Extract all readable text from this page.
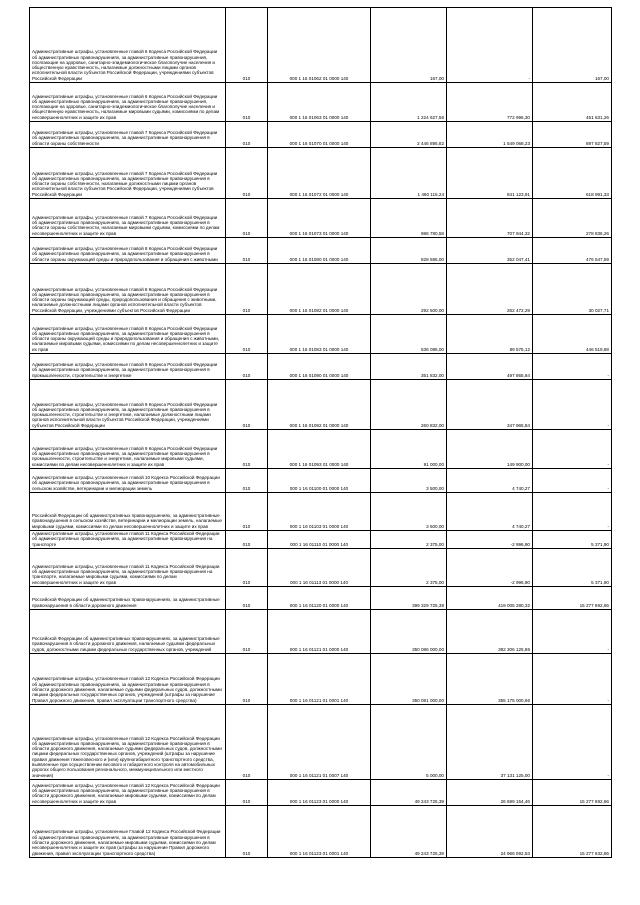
Административные штрафы, установленные главой 6 Кодекса Российской Федерации об административных правонарушениях, за административные правонарушения, посягающие на здоровье, санитарно-эпидемиологическое благополучие населения и общественную нравственность, налагаемые должностными лицами органов исполнительной власти субъектов Российской Федерации, учреждениями субъектов Российской Федерации	010	000 1 16 01062 01 0000 140	167,00	-	167,00
Административные штрафы, установленные главой 6 Кодекса Российской Федерации об административных правонарушениях, за административные правонарушения, посягающие на здоровье, санитарно-эпидемиологическое благополучие населения и общественную нравственность, налагаемые мировыми судьями, комиссиями по делам несовершеннолетних и защите их прав	010	000 1 16 01063 01 0000 140	1 224 627,56	772 996,30	451 631,26
Административные штрафы, установленные главой 7 Кодекса Российской Федерации об административных правонарушениях, за административные правонарушения в области охраны собственности	010	000 1 16 01070 01 0000 140	2 446 895,82	1 549 068,23	897 827,59
Административные штрафы, установленные главой 7 Кодекса Российской Федерации об административных правонарушениях, за административные правонарушения в области охраны собственности, налагаемые должностными лицами органов исполнительной власти субъектов Российской Федерации, учреждениями субъектов Российской Федерации	010	000 1 16 01072 01 0000 140	1 460 115,24	841 123,91	618 991,33
Административные штрафы, установленные главой 7 Кодекса Российской Федерации об административных правонарушениях, за административные правонарушения в области охраны собственности, налагаемые мировыми судьями, комиссиями по делам несовершеннолетних и защите их прав	010	000 1 16 01073 01 0000 140	986 780,58	707 944,32	278 836,26
Административные штрафы, установленные главой 8 Кодекса Российской Федерации об административных правонарушениях, за административные правонарушения в области охраны окружающей среды и природопользования и обращения с животными	010	000 1 16 01080 01 0000 140	828 595,00	352 047,41	476 547,59
Административные штрафы, установленные главой 8 Кодекса Российской Федерации об административных правонарушениях, за административные правонарушения в области охраны окружающей среды, природопользования и обращения с животными, налагаемые должностными лицами органов исполнительной власти субъектов Российской Федерации, учреждениями субъектов Российской Федерации	010	000 1 16 01082 01 0000 140	292 500,00	262 472,29	30 027,71
Административные штрафы, установленные главой 8 Кодекса Российской Федерации об административных правонарушениях, за административные правонарушения в области охраны окружающей среды и природопользования и обращения с животными, налагаемые мировыми судьями, комиссиями по делам несовершеннолетних и защите их прав	010	000 1 16 01083 01 0000 140	536 095,00	89 575,12	446 519,88
Административные штрафы, установленные главой 9 Кодекса Российской Федерации об административных правонарушениях, за административные правонарушения в промышленности, строительстве и энергетике	010	000 1 16 01090 01 0000 140	351 832,00	497 865,84	-
Административные штрафы, установленные главой 9 Кодекса Российской Федерации об административных правонарушениях, за административные правонарушения в промышленности, строительстве и энергетике, налагаемые должностными лицами органов исполнительной власти субъектов Российской Федерации, учреждениями субъектов Российской Федерации	010	000 1 16 01092 01 0000 140	260 832,00	347 965,84	-
Административные штрафы, установленные главой 9 Кодекса Российской Федерации об административных правонарушениях, за административные правонарушения в промышленности, строительстве и энергетике, налагаемые мировыми судьями, комиссиями по делам несовершеннолетних и защите их прав	010	000 1 16 01093 01 0000 140	91 000,00	149 900,00	-
Административные штрафы, установленные главой 10 Кодекса Российской Федерации об административных правонарушениях, за административные правонарушения в сельском хозяйстве, ветеринарии и мелиорации земель	010	000 1 16 01100 01 0000 140	3 500,00	4 740,27	-
Российской Федерации об административных правонарушениях, за административные правонарушения в сельском хозяйстве, ветеринарии и мелиорации земель, налагаемые мировыми судьями, комиссиями по делам несовершеннолетних и защите их прав	010	000 1 16 01103 01 0000 140	3 500,00	4 740,27	-
Административные штрафы, установленные главой 11 Кодекса Российской Федерации об административных правонарушениях, за административные правонарушения на транспорте	010	000 1 16 01110 01 0000 140	2 375,00	-2 996,90	5 371,90
Административные штрафы, установленные главой 11 Кодекса Российской Федерации об административных правонарушениях, за административные правонарушения на транспорте, налагаемые мировыми судьями, комиссиями по делам несовершеннолетних и защите их прав	010	000 1 16 01113 01 0000 140	2 375,00	-2 996,90	5 371,90
Российской Федерации об административных правонарушениях, за административные правонарушения в области дорожного движения	010	000 1 16 01120 01 0000 140	399 329 725,39	419 005 280,32	15 277 692,66
Российской Федерации об административных правонарушениях, за административные правонарушения в области дорожного движения, налагаемые судьями федеральных судов, должностными лицами федеральных государственных органов, учреждений	010	000 1 16 01121 01 0000 140	350 086 000,00	392 306 125,86	-
Административные штрафы, установленные главой 12 Кодекса Российской Федерации об административных правонарушениях, за административные правонарушения в области дорожного движения, налагаемые судьями федеральных судов, должностными лицами федеральных государственных органов, учреждений (штрафы за нарушение Правил дорожного движения, правил эксплуатации транспортного средства)	010	000 1 16 01121 01 0001 140	350 081 000,00	355 175 000,66	-
Административные штрафы, установленные главой 12 Кодекса Российской Федерации об административных правонарушениях, за административные правонарушения в области дорожного движения, налагаемые судьями федеральных судов, должностными лицами федеральных государственных органов, учреждений (штрафы за нарушение правил движения тяжеловесного и (или) крупногабаритного транспортного средства, выявленные при осуществлении весового и габаритного контроля на автомобильных дорогах общего пользования регионального, межмуниципального или местного значения)	010	000 1 16 01121 01 0007 140	5 000,00	37 131 125,00	-
Административные штрафы, установленные главой 12 Кодекса Российской Федерации об административных правонарушениях, за административные правонарушения в области дорожного движения, налагаемые мировыми судьями, комиссиями по делам несовершеннолетних и защите их прав	010	000 1 16 01123 01 0000 140	49 243 725,39	26 699 154,46	15 277 692,66
Административные штрафы, установленные Главой 12 Кодекса Российской Федерации об административных правонарушениях, за административные правонарушения в области дорожного движения, налагаемые мировыми судьями, комиссиями по делам несовершеннолетних и защите их прав (штрафы за нарушение Правил дорожного движения, правил эксплуатации транспортного средства)	010	000 1 16 01123 01 0001 140	49 243 725,39	24 966 092,53	15 277 632,86
